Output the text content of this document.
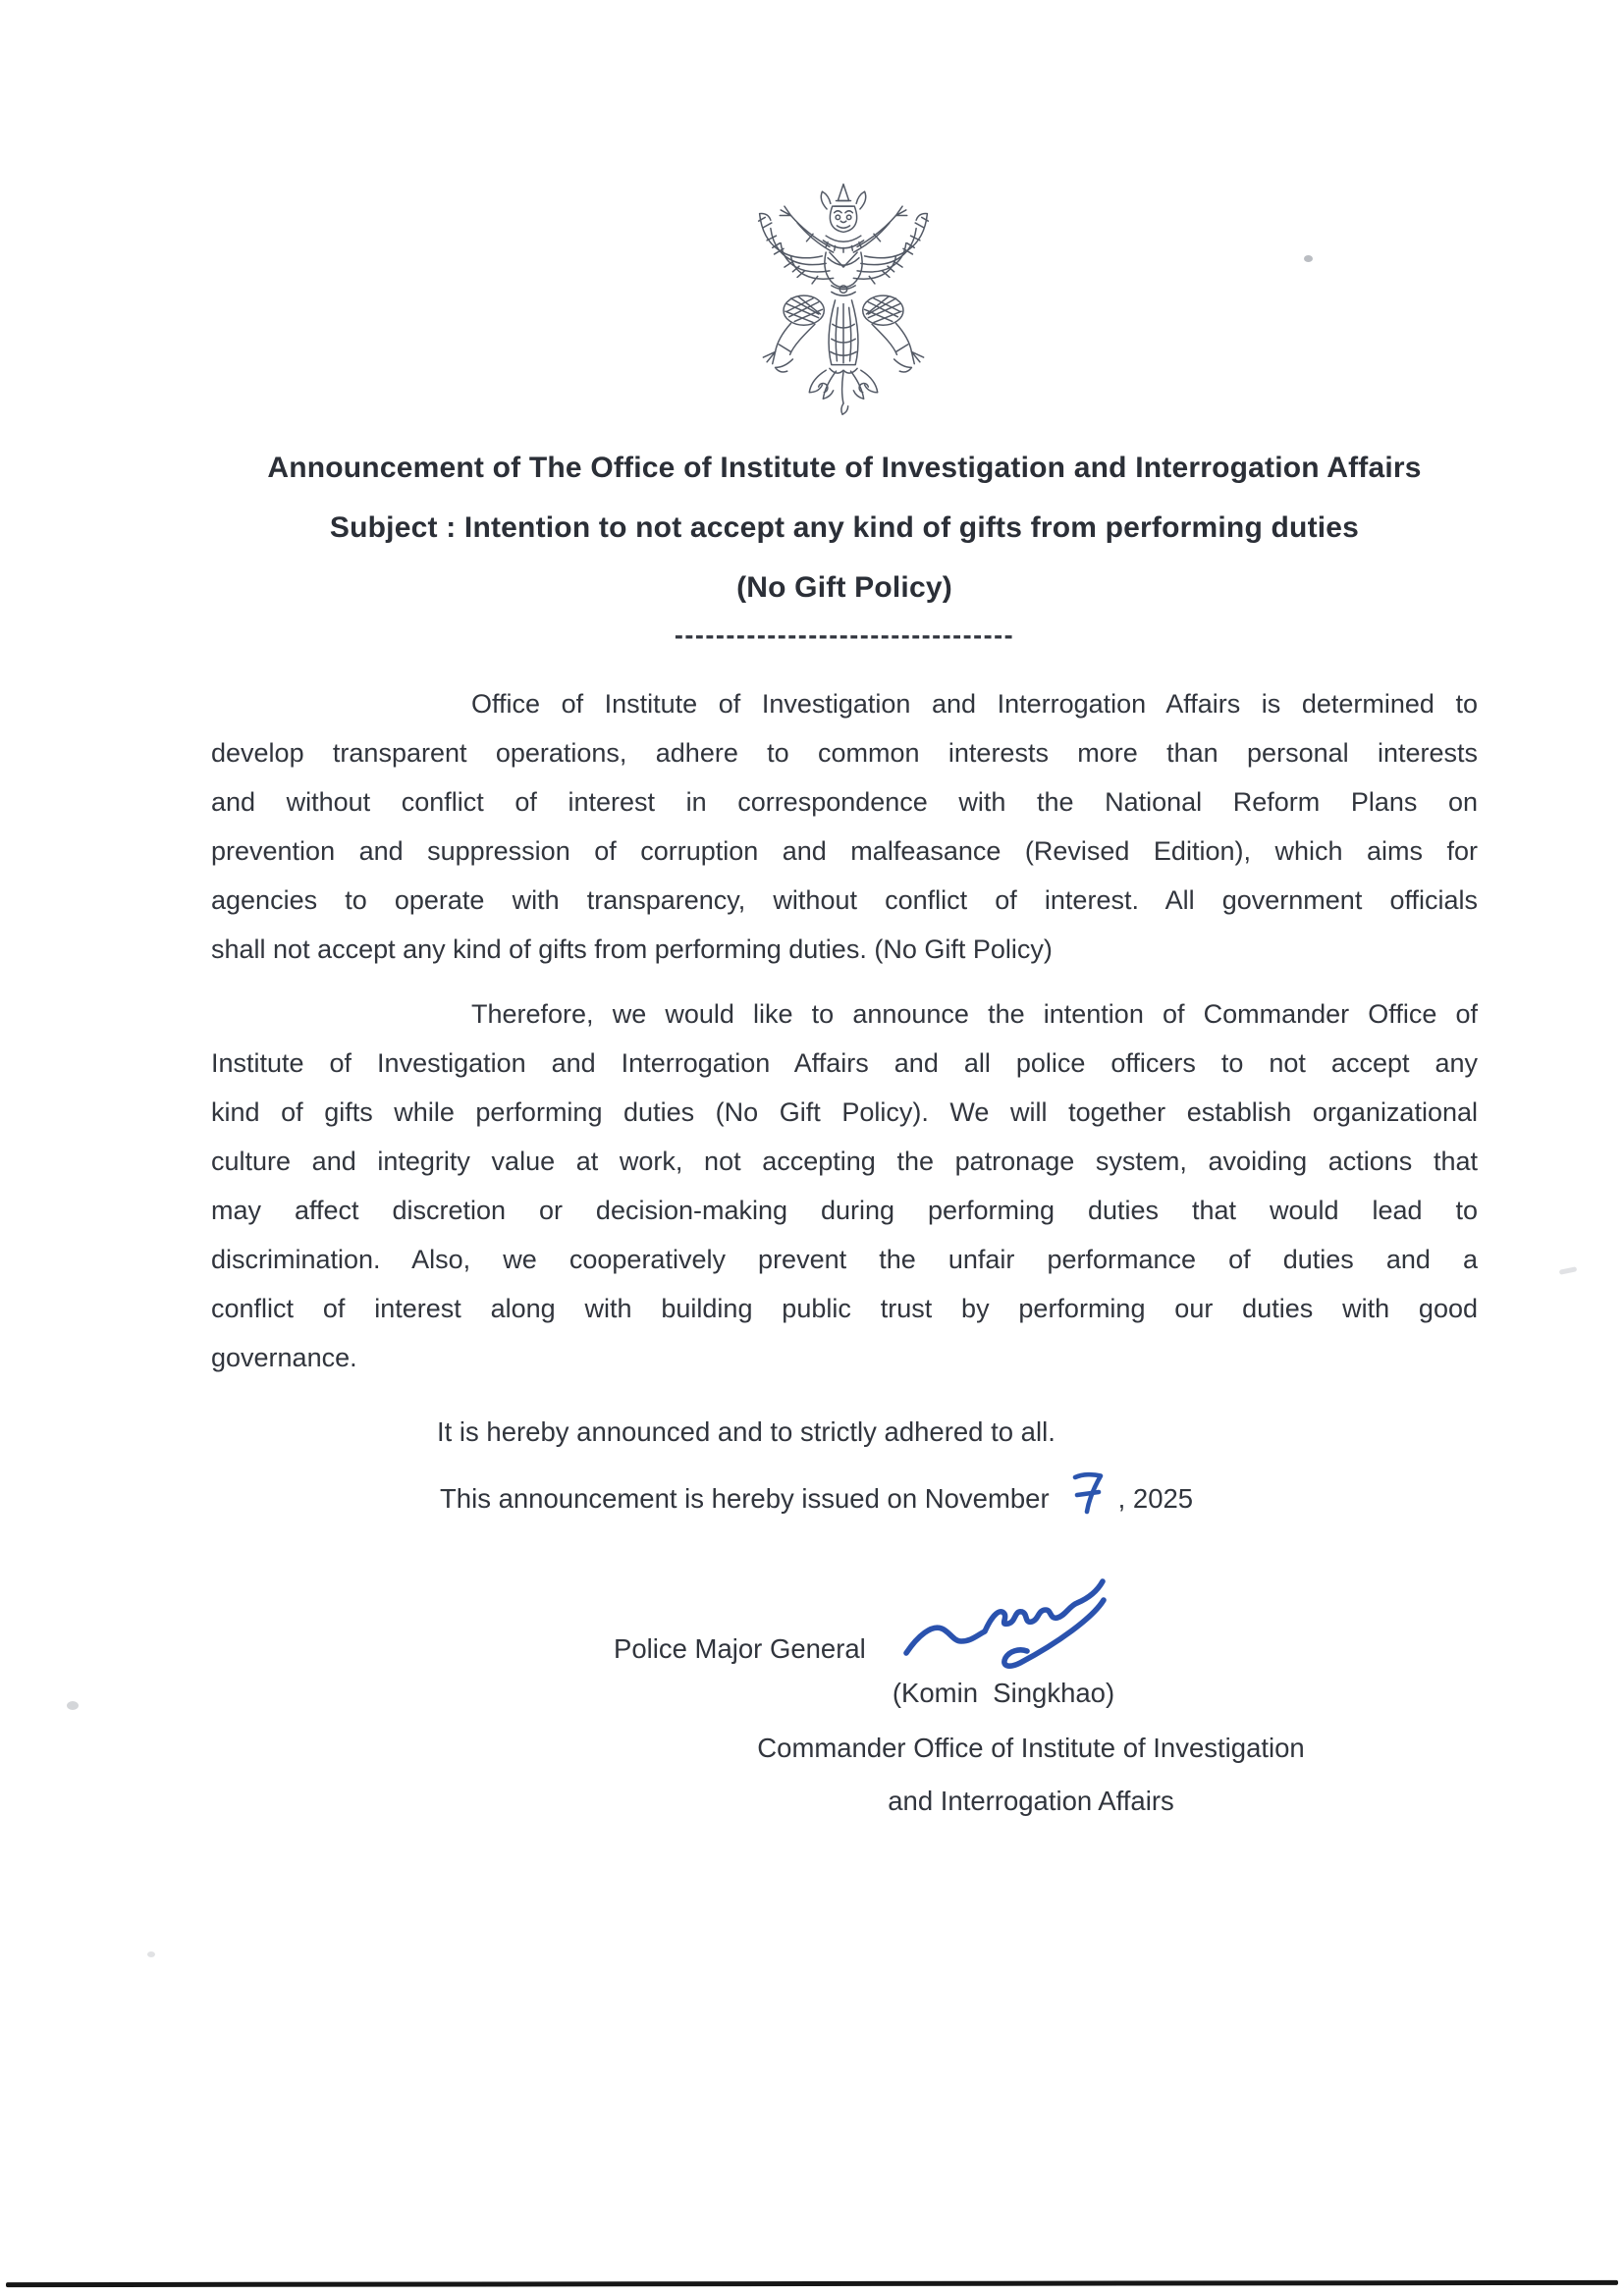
Announcement of The Office of Institute of Investigation and Interrogation Affairs
Subject : Intention to not accept any kind of gifts from performing duties
(No Gift Policy)
---------------------------------
Office of Institute of Investigation and Interrogation Affairs is determined to
develop transparent operations, adhere to common interests more than personal interests
and without conflict of interest in correspondence with the National Reform Plans on
prevention and suppression of corruption and malfeasance (Revised Edition), which aims for
agencies to operate with transparency, without conflict of interest. All government officials
shall not accept any kind of gifts from performing duties. (No Gift Policy)
Therefore, we would like to announce the intention of Commander Office of
Institute of Investigation and Interrogation Affairs and all police officers to not accept any
kind of gifts while performing duties (No Gift Policy). We will together establish organizational
culture and integrity value at work, not accepting the patronage system, avoiding actions that
may affect discretion or decision-making during performing duties that would lead to
discrimination. Also, we cooperatively prevent the unfair performance of duties and a
conflict of interest along with building public trust by performing our duties with good
governance.
It is hereby announced and to strictly adhered to all.
This announcement is hereby issued on November	, 2025
Police Major General
(Komin  Singkhao)
Commander Office of Institute of Investigation
and Interrogation Affairs
